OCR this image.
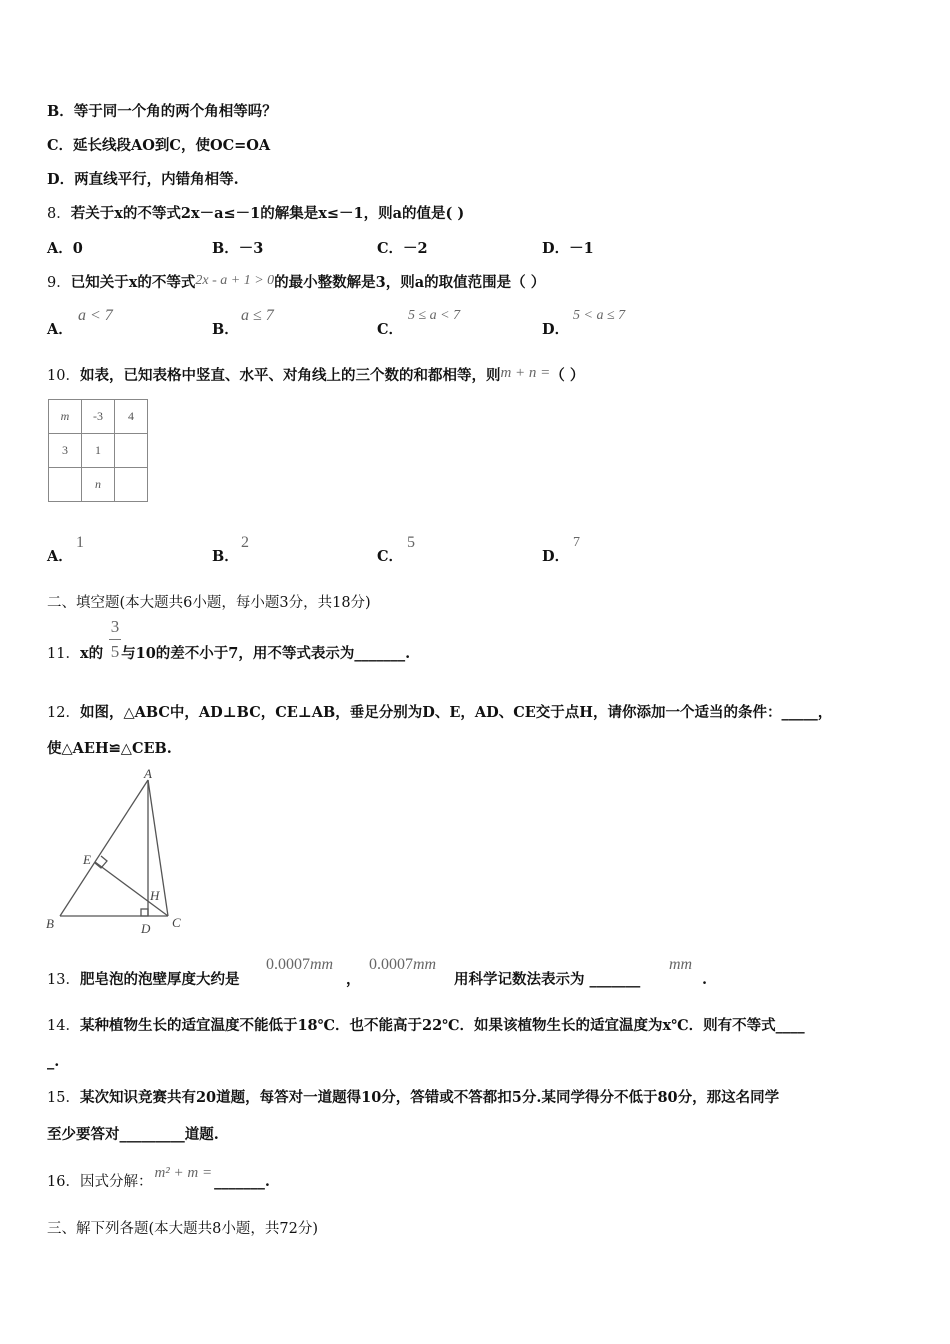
B．等于同一个角的两个角相等吗？
C．延长线段AO到C，使OC=OA
D．两直线平行，内错角相等.
8．若关于x的不等式2x－a≤－1的解集是x≤－1，则a的值是( )
A．0	B．－3	C．－2	D．－1
9．已知关于x的不等式2x - a + 1 > 0的最小整数解是3，则a的取值范围是（ ）
A．
a < 7
B．
a ≤ 7
C．
5 ≤ a < 7
D．
5 < a ≤ 7
10．如表，已知表格中竖直、水平、对角线上的三个数的和都相等，则m + n =（ ）
m	-3	4
3	1	
	n	
A．
1
B．
2
C．
5
D．
7
二、填空题(本大题共6小题，每小题3分，共18分)
3
5
11．x的 与10的差不小于7，用不等式表示为_______.
12．如图，△ABC中，AD⊥BC，CE⊥AB，垂足分别为D、E，AD、CE交于点H，请你添加一个适当的条件：_____，
使△AEH≌△CEB.
A
B	C
D
E
H
0.0007mm 0.0007mm	mm
13．肥皂泡的泡壁厚度大约是	，	用科学记数法表示为 _______	.
14．某种植物生长的适宜温度不能低于18℃．也不能高于22℃．如果该植物生长的适宜温度为x℃．则有不等式____
_.
15．某次知识竞赛共有20道题，每答对一道题得10分，答错或不答都扣5分.某同学得分不低于80分，那这名同学
至少要答对_________道题.
16．因式分解：m² + m = _______.
三、解下列各题(本大题共8小题，共72分)
